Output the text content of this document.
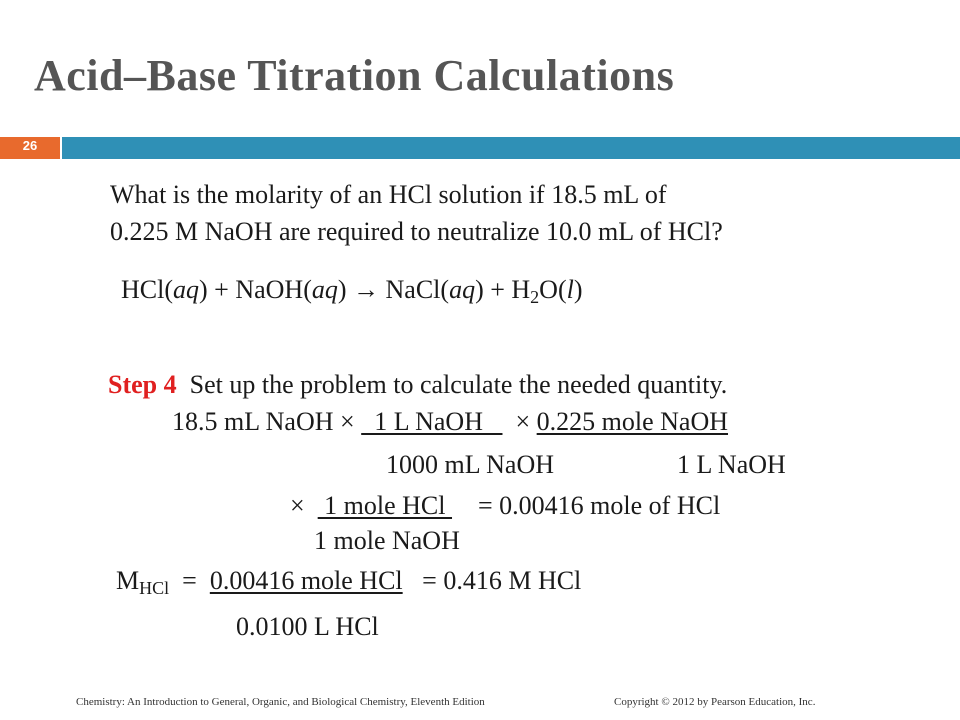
Acid–Base Titration Calculations
26
What is the molarity of an HCl solution if 18.5 mL of
0.225 M NaOH are required to neutralize 10.0 mL of HCl?
HCl(aq) + NaOH(aq) → NaCl(aq) + $H_2O(l)$
Step 4 Set up the problem to calculate the needed quantity.
18.5 mL NaOH ×   1 L NaOH     × 0.225 mole NaOH
1000 mL NaOH	1 L NaOH
×   1 mole HCl     = 0.00416 mole of HCl
1 mole NaOH
$M_{HCl} = 0.00416$ mole HCl = 0.416 M HCl
0.0100 L HCl
Chemistry: An Introduction to General, Organic, and Biological Chemistry, Eleventh Edition	Copyright © 2012 by Pearson Education, Inc.
